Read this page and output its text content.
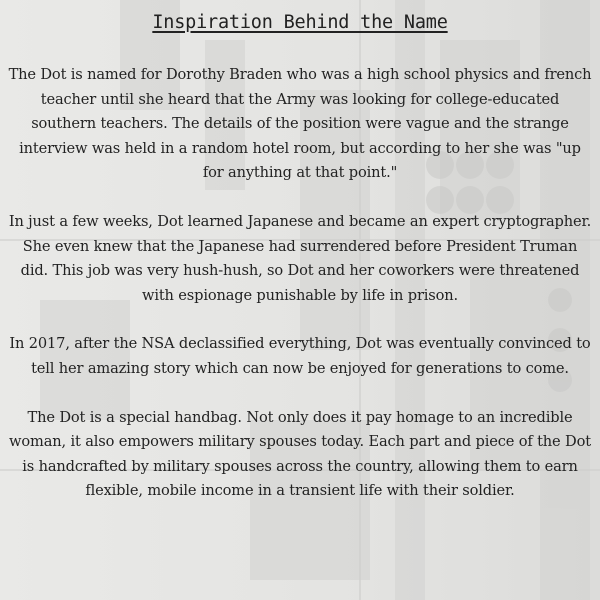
Inspiration Behind the Name

The Dot is named for Dorothy Braden who was a high school physics and french teacher until she heard that the Army was looking for college-educated southern teachers. The details of the position were vague and the strange interview was held in a random hotel room, but according to her she was "up for anything at that point."

In just a few weeks, Dot learned Japanese and became an expert cryptographer. She even knew that the Japanese had surrendered before President Truman did. This job was very hush-hush, so Dot and her coworkers were threatened with espionage punishable by life in prison.

In 2017, after the NSA declassified everything, Dot was eventually convinced to tell her amazing story which can now be enjoyed for generations to come.

The Dot is a special handbag. Not only does it pay homage to an incredible woman, it also empowers military spouses today. Each part and piece of the Dot is handcrafted by military spouses across the country, allowing them to earn flexible, mobile income in a transient life with their soldier.
